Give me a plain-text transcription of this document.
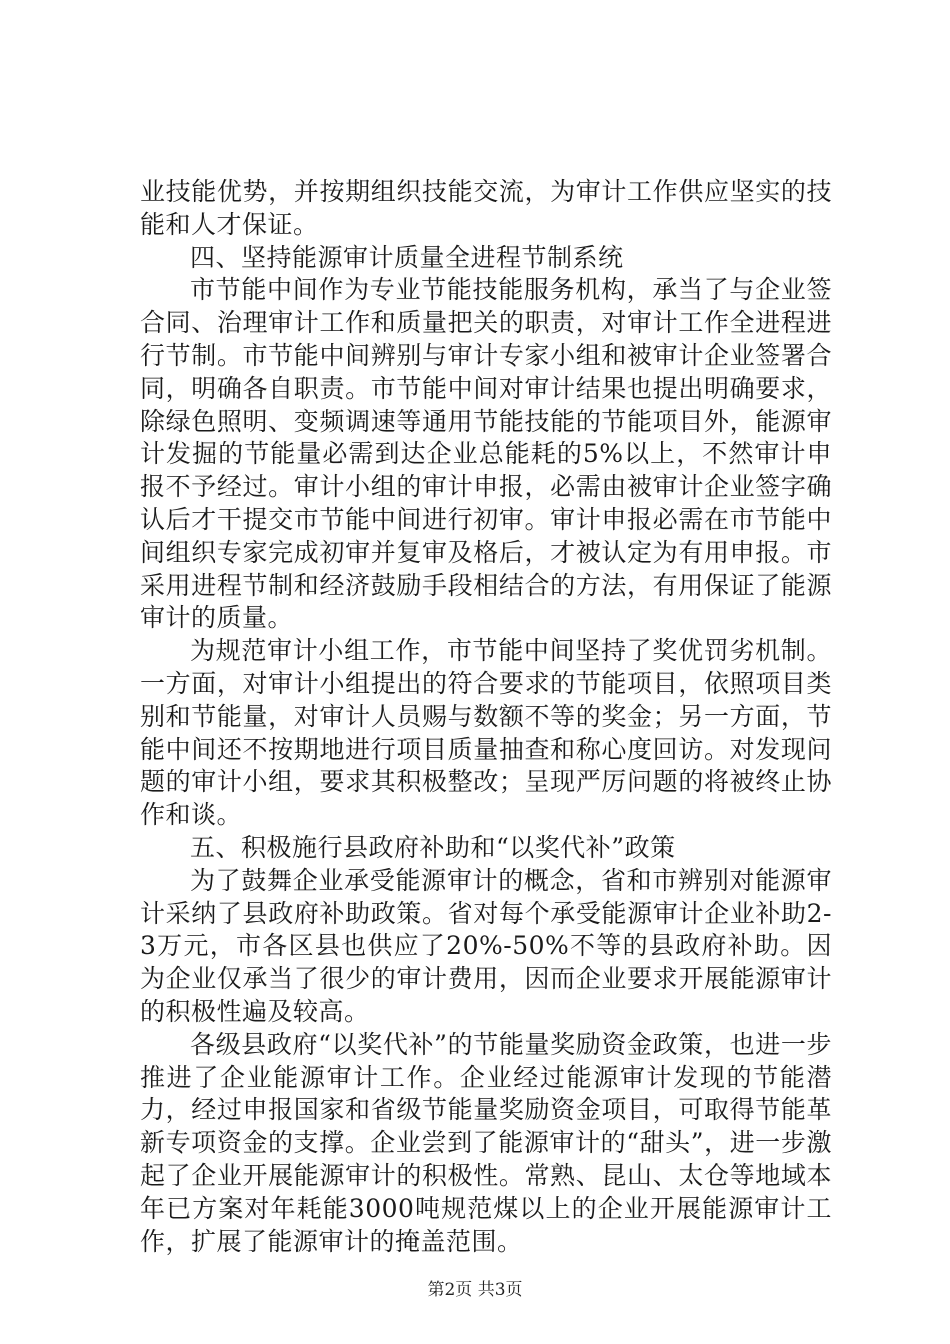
业技能优势，并按期组织技能交流，为审计工作供应坚实的技能和人才保证。

四、坚持能源审计质量全进程节制系统

市节能中间作为专业节能技能服务机构，承当了与企业签合同、治理审计工作和质量把关的职责，对审计工作全进程进行节制。市节能中间辨别与审计专家小组和被审计企业签署合同，明确各自职责。市节能中间对审计结果也提出明确要求，除绿色照明、变频调速等通用节能技能的节能项目外，能源审计发掘的节能量必需到达企业总能耗的5%以上，不然审计申报不予经过。审计小组的审计申报，必需由被审计企业签字确认后才干提交市节能中间进行初审。审计申报必需在市节能中间组织专家完成初审并复审及格后，才被认定为有用申报。市采用进程节制和经济鼓励手段相结合的方法，有用保证了能源审计的质量。

为规范审计小组工作，市节能中间坚持了奖优罚劣机制。一方面，对审计小组提出的符合要求的节能项目，依照项目类别和节能量，对审计人员赐与数额不等的奖金；另一方面，节能中间还不按期地进行项目质量抽查和称心度回访。对发现问题的审计小组，要求其积极整改；呈现严厉问题的将被终止协作和谈。

五、积极施行县政府补助和“以奖代补”政策

为了鼓舞企业承受能源审计的概念，省和市辨别对能源审计采纳了县政府补助政策。省对每个承受能源审计企业补助2-3万元，市各区县也供应了20%-50%不等的县政府补助。因为企业仅承当了很少的审计费用，因而企业要求开展能源审计的积极性遍及较高。

各级县政府“以奖代补”的节能量奖励资金政策，也进一步推进了企业能源审计工作。企业经过能源审计发现的节能潜力，经过申报国家和省级节能量奖励资金项目，可取得节能革新专项资金的支撑。企业尝到了能源审计的“甜头”，进一步激起了企业开展能源审计的积极性。常熟、昆山、太仓等地域本年已方案对年耗能3000吨规范煤以上的企业开展能源审计工作，扩展了能源审计的掩盖范围。

第2页 共3页
